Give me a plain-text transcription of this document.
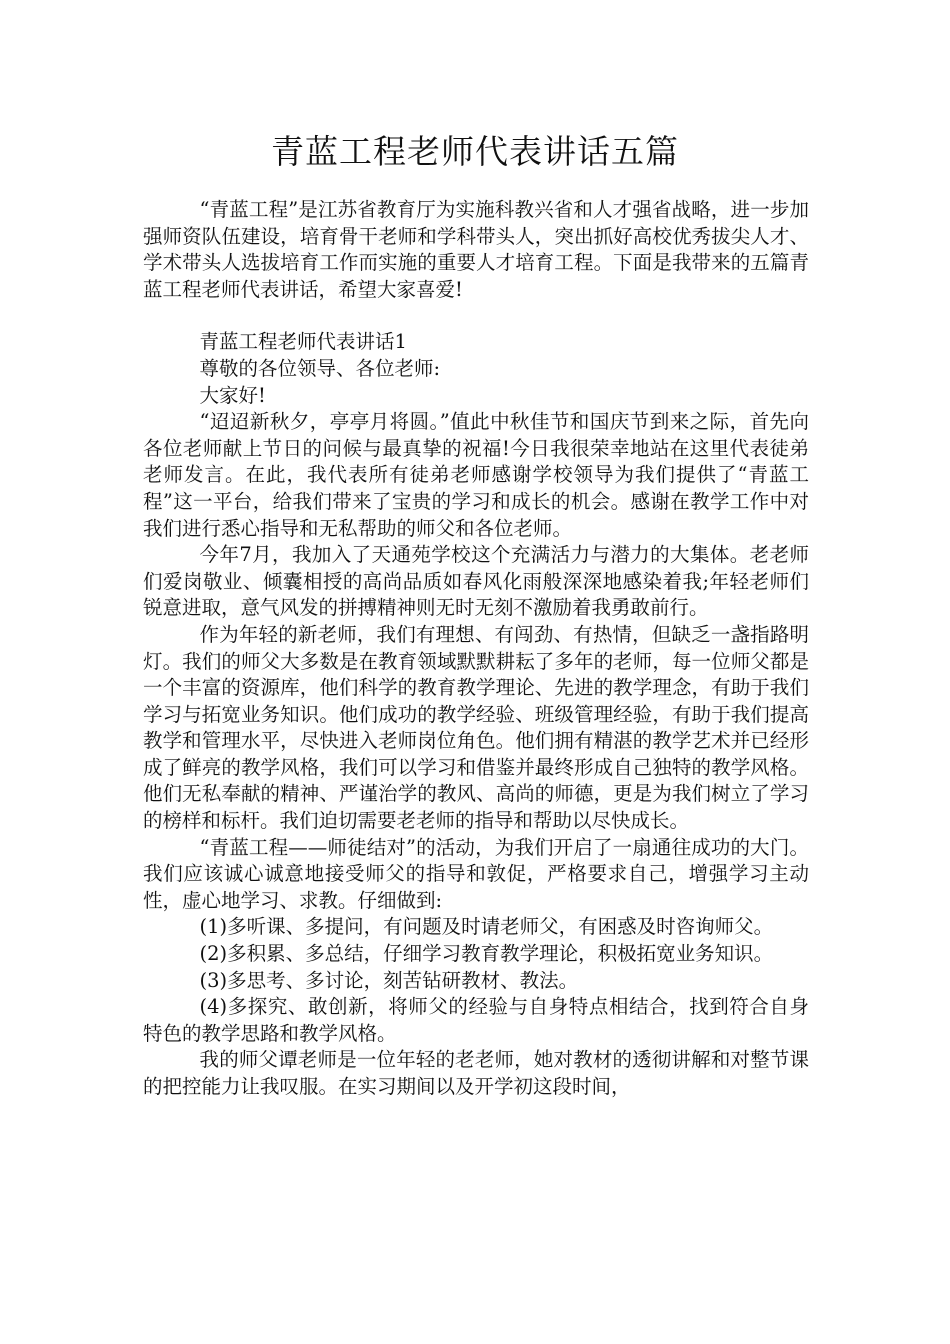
青蓝工程老师代表讲话五篇

“青蓝工程”是江苏省教育厅为实施科教兴省和人才强省战略，进一步加强师资队伍建设，培育骨干老师和学科带头人，突出抓好高校优秀拔尖人才、学术带头人选拔培育工作而实施的重要人才培育工程。下面是我带来的五篇青蓝工程老师代表讲话，希望大家喜爱!

青蓝工程老师代表讲话1

尊敬的各位领导、各位老师:

大家好!

“迢迢新秋夕，亭亭月将圆。”值此中秋佳节和国庆节到来之际，首先向各位老师献上节日的问候与最真挚的祝福!今日我很荣幸地站在这里代表徒弟老师发言。在此，我代表所有徒弟老师感谢学校领导为我们提供了“青蓝工程”这一平台，给我们带来了宝贵的学习和成长的机会。感谢在教学工作中对我们进行悉心指导和无私帮助的师父和各位老师。

今年7月，我加入了天通苑学校这个充满活力与潜力的大集体。老老师们爱岗敬业、倾囊相授的高尚品质如春风化雨般深深地感染着我;年轻老师们锐意进取，意气风发的拼搏精神则无时无刻不激励着我勇敢前行。

作为年轻的新老师，我们有理想、有闯劲、有热情，但缺乏一盏指路明灯。我们的师父大多数是在教育领域默默耕耘了多年的老师，每一位师父都是一个丰富的资源库，他们科学的教育教学理论、先进的教学理念，有助于我们学习与拓宽业务知识。他们成功的教学经验、班级管理经验，有助于我们提高教学和管理水平，尽快进入老师岗位角色。他们拥有精湛的教学艺术并已经形成了鲜亮的教学风格，我们可以学习和借鉴并最终形成自己独特的教学风格。他们无私奉献的精神、严谨治学的教风、高尚的师德，更是为我们树立了学习的榜样和标杆。我们迫切需要老老师的指导和帮助以尽快成长。

“青蓝工程——师徒结对”的活动，为我们开启了一扇通往成功的大门。我们应该诚心诚意地接受师父的指导和敦促，严格要求自己，增强学习主动性，虚心地学习、求教。仔细做到:

(1)多听课、多提问，有问题及时请老师父，有困惑及时咨询师父。

(2)多积累、多总结，仔细学习教育教学理论，积极拓宽业务知识。

(3)多思考、多讨论，刻苦钻研教材、教法。

(4)多探究、敢创新，将师父的经验与自身特点相结合，找到符合自身特色的教学思路和教学风格。

我的师父谭老师是一位年轻的老老师，她对教材的透彻讲解和对整节课的把控能力让我叹服。在实习期间以及开学初这段时间，
